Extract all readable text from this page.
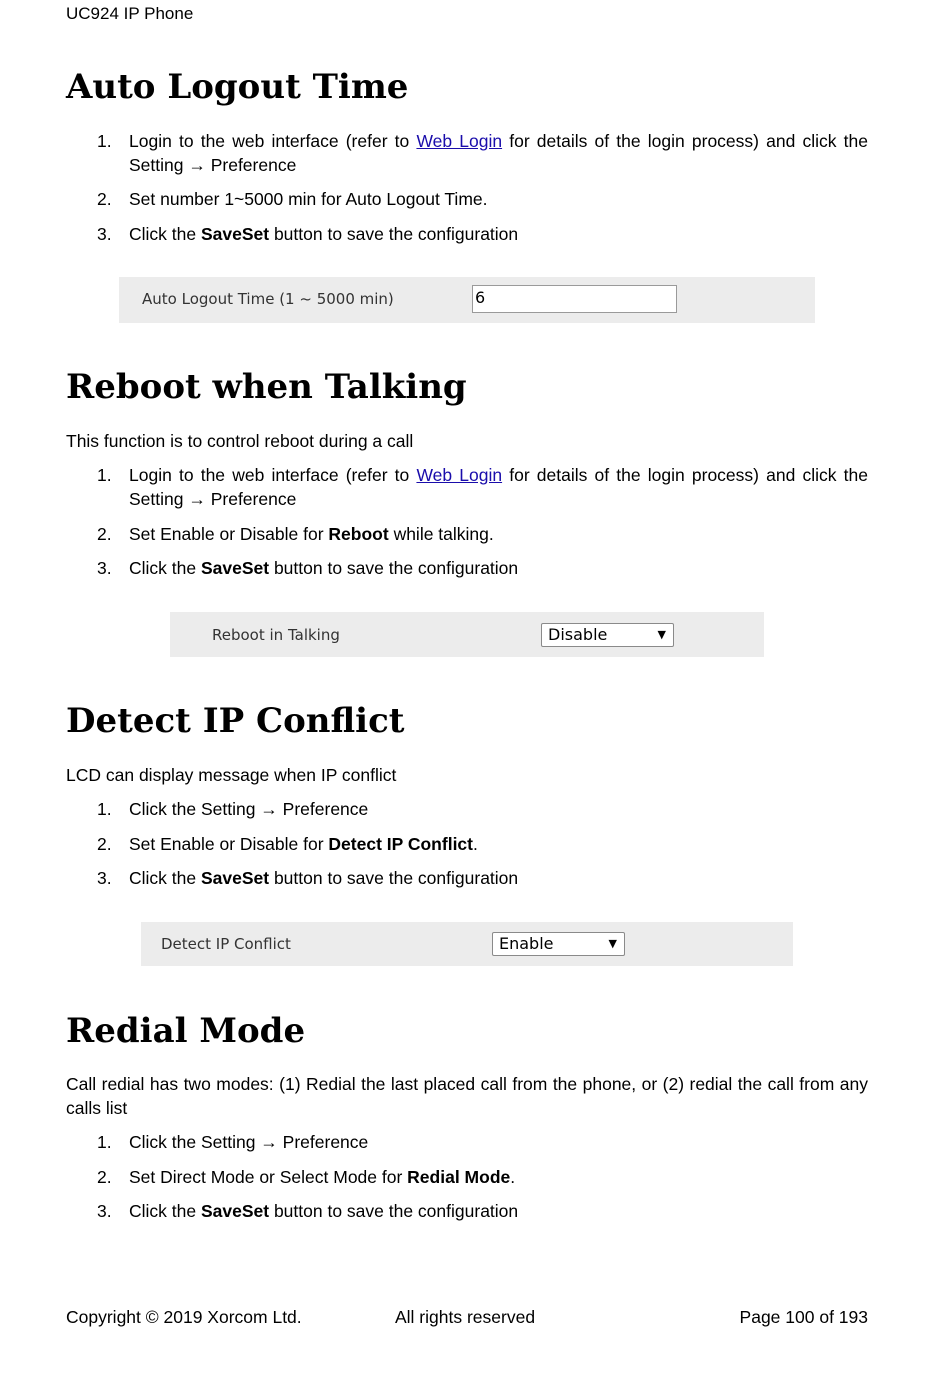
UC924 IP Phone
Auto Logout Time
1. Login to the web interface (refer to Web Login for details of the login process) and click the Setting → Preference
2. Set number 1~5000 min for Auto Logout Time.
3. Click the SaveSet button to save the configuration
Auto Logout Time (1 ~ 5000 min)	6
Reboot when Talking
This function is to control reboot during a call
1. Login to the web interface (refer to Web Login for details of the login process) and click the Setting → Preference
2. Set Enable or Disable for Reboot while talking.
3. Click the SaveSet button to save the configuration
Reboot in Talking	Disable	▼
Detect IP Conflict
LCD can display message when IP conflict
1. Click the Setting → Preference
2. Set Enable or Disable for Detect IP Conflict.
3. Click the SaveSet button to save the configuration
Detect IP Conflict	Enable	▼
Redial Mode
Call redial has two modes: (1) Redial the last placed call from the phone, or (2) redial the call from any calls list
1. Click the Setting → Preference
2. Set Direct Mode or Select Mode for Redial Mode.
3. Click the SaveSet button to save the configuration
Copyright © 2019 Xorcom Ltd.	All rights reserved	Page 100 of 193
